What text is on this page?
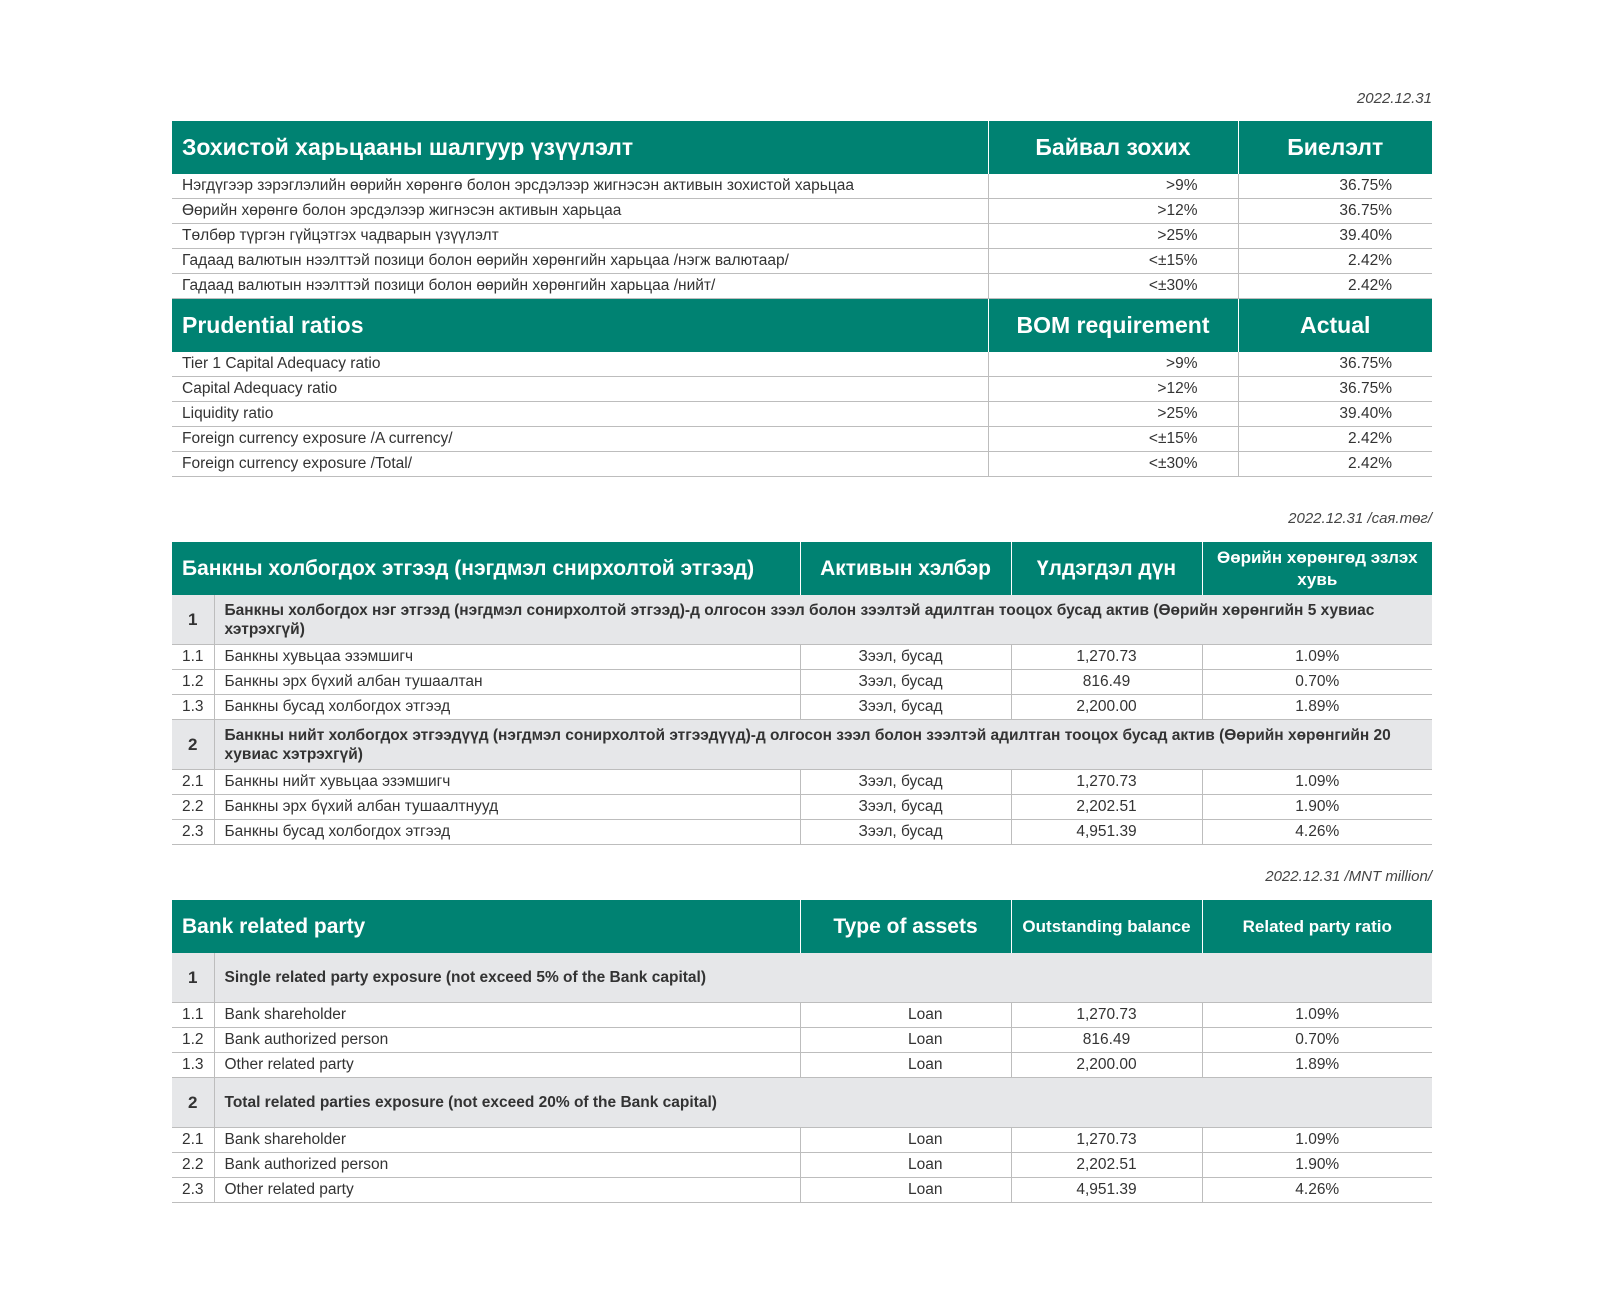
2022.12.31
Зохистой харьцааны шалгуур үзүүлэлт	Байвал зохих	Биелэлт
Нэгдүгээр зэрэглэлийн өөрийн хөрөнгө болон эрсдэлээр жигнэсэн активын зохистой харьцаа	>9%	36.75%
Өөрийн хөрөнгө болон эрсдэлээр жигнэсэн активын харьцаа	>12%	36.75%
Төлбөр түргэн гүйцэтгэх чадварын үзүүлэлт	>25%	39.40%
Гадаад валютын нээлттэй позици болон өөрийн хөрөнгийн харьцаа /нэгж валютаар/	<±15%	2.42%
Гадаад валютын нээлттэй позици болон өөрийн хөрөнгийн харьцаа /нийт/	<±30%	2.42%
Prudential ratios	BOM requirement	Actual
Tier 1 Capital Adequacy ratio	>9%	36.75%
Capital Adequacy ratio	>12%	36.75%
Liquidity ratio	>25%	39.40%
Foreign currency exposure /A currency/	<±15%	2.42%
Foreign currency exposure /Total/	<±30%	2.42%
2022.12.31 /сая.төг/
Банкны холбогдох этгээд (нэгдмэл снирхолтой этгээд)		Активын хэлбэр	Үлдэгдэл дүн	Өөрийн хөрөнгөд эзлэх хувь
1	Банкны холбогдох нэг этгээд (нэгдмэл сонирхолтой этгээд)-д олгосон зээл болон зээлтэй адилтган тооцох бусад актив (Өөрийн хөрөнгийн 5 хувиас хэтрэхгүй)			
1.1	Банкны хувьцаа эзэмшигч	Зээл, бусад	1,270.73	1.09%
1.2	Банкны эрх бүхий албан тушаалтан	Зээл, бусад	816.49	0.70%
1.3	Банкны бусад холбогдох этгээд	Зээл, бусад	2,200.00	1.89%
2	Банкны нийт холбогдох этгээдүүд (нэгдмэл сонирхолтой этгээдүүд)-д олгосон зээл болон зээлтэй адилтган тооцох бусад актив (Өөрийн хөрөнгийн 20 хувиас хэтрэхгүй)			
2.1	Банкны нийт хувьцаа эзэмшигч	Зээл, бусад	1,270.73	1.09%
2.2	Банкны эрх бүхий албан тушаалтнууд	Зээл, бусад	2,202.51	1.90%
2.3	Банкны бусад холбогдох этгээд	Зээл, бусад	4,951.39	4.26%
2022.12.31 /MNT million/
Bank related party		Type of assets	Outstanding balance	Related party ratio
1	Single related party exposure (not exceed 5% of the Bank capital)			
1.1	Bank shareholder	Loan	1,270.73	1.09%
1.2	Bank authorized person	Loan	816.49	0.70%
1.3	Other related party	Loan	2,200.00	1.89%
2	Total related parties exposure (not exceed 20% of the Bank capital)			
2.1	Bank shareholder	Loan	1,270.73	1.09%
2.2	Bank authorized person	Loan	2,202.51	1.90%
2.3	Other related party	Loan	4,951.39	4.26%
